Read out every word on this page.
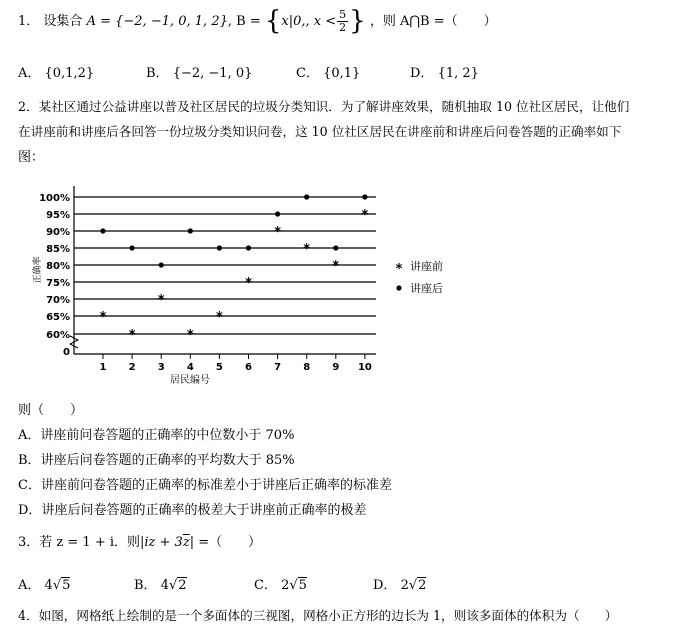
1． 设集合 A = {−2, −1, 0, 1, 2}, B = {x|0,, $x < \frac{5}{2}$ } ，则 A⋂B =（　　）
A． {0,1,2}	B． {−2, −1, 0}	C． {0,1}	D． {1, 2}
2．某社区通过公益讲座以普及社区居民的垃圾分类知识．为了解讲座效果，随机抽取 10 位社区居民，让他们
在讲座前和讲座后各回答一份垃圾分类知识问卷，这 10 位社区居民在讲座前和讲座后问卷答题的正确率如下
图：
0
60%
65%
70%
75%
80%
85%
90%
95%
100%
1 2 3 4 5 6 7 8 9 10
居民编号
正确率
*
*
*
*
*
*
*
*
*
*
* 讲座前
讲座后
则（　　）
A．讲座前问卷答题的正确率的中位数小于 70%
B．讲座后问卷答题的正确率的平均数大于 85%
C．讲座前问卷答题的正确率的标准差小于讲座后正确率的标准差
D．讲座后问卷答题的正确率的极差大于讲座前正确率的极差
3．若 z = 1 + i．则$|iz + 3\overline{z}|$ =（　　）
A． 4√5	B． 4√2	C． 2√5	D． 2√2
4．如图，网格纸上绘制的是一个多面体的三视图，网格小正方形的边长为 1，则该多面体的体积为（　　）
